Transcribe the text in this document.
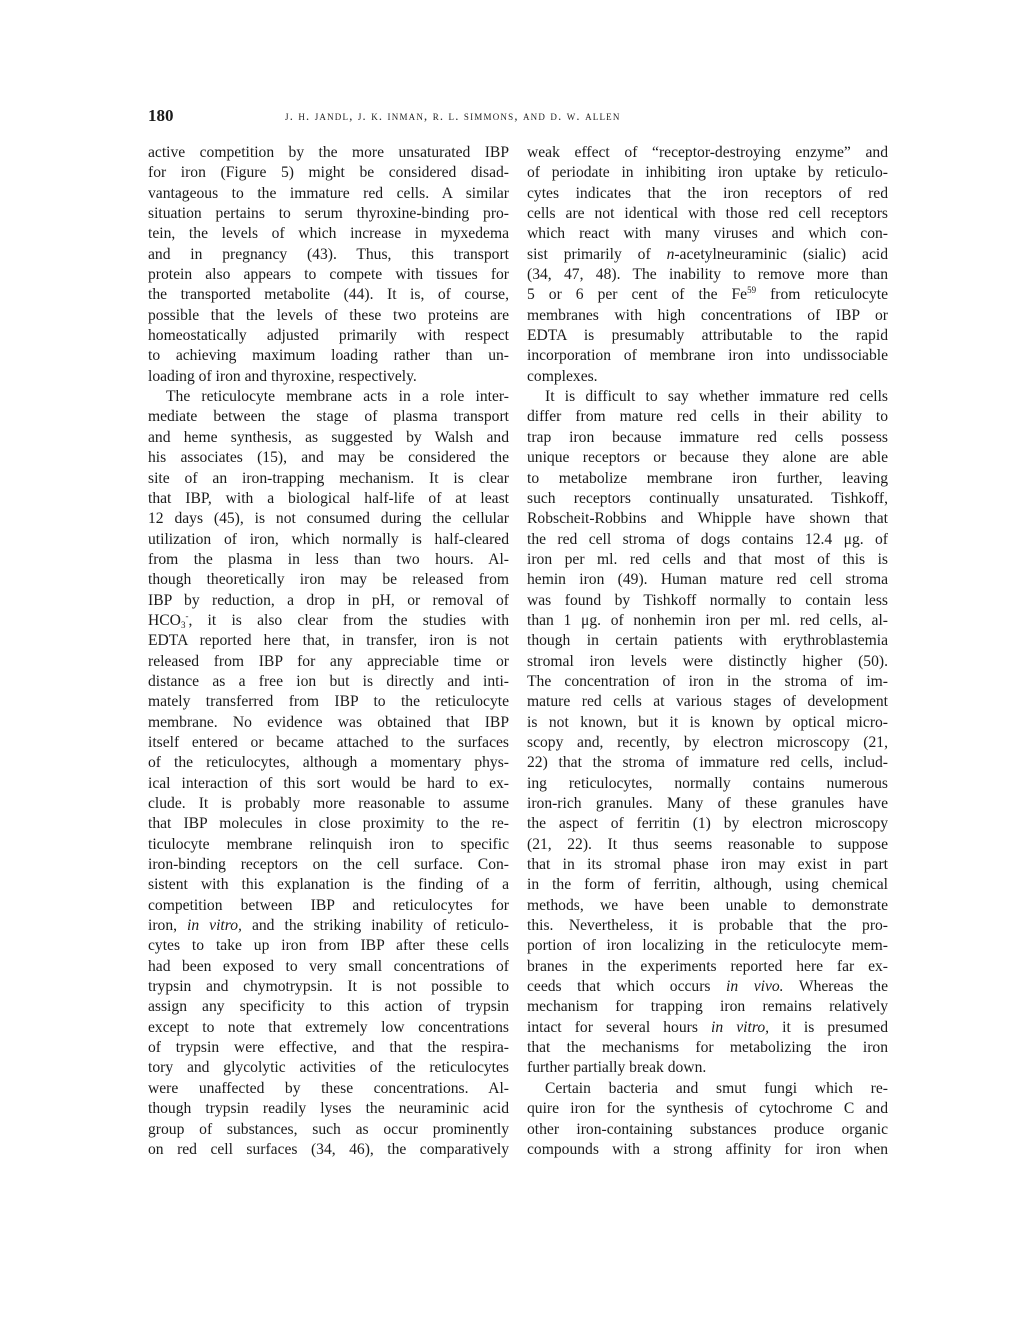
180	j. h. jandl, j. k. inman, r. l. simmons, and d. w. allen
active competition by the more unsaturated IBP
for iron (Figure 5) might be considered disad-
vantageous to the immature red cells. A similar
situation pertains to serum thyroxine-binding pro-
tein, the levels of which increase in myxedema
and in pregnancy (43). Thus, this transport
protein also appears to compete with tissues for
the transported metabolite (44). It is, of course,
possible that the levels of these two proteins are
homeostatically adjusted primarily with respect
to achieving maximum loading rather than un-
loading of iron and thyroxine, respectively.
The reticulocyte membrane acts in a role inter-
mediate between the stage of plasma transport
and heme synthesis, as suggested by Walsh and
his associates (15), and may be considered the
site of an iron-trapping mechanism. It is clear
that IBP, with a biological half-life of at least
12 days (45), is not consumed during the cellular
utilization of iron, which normally is half-cleared
from the plasma in less than two hours. Al-
though theoretically iron may be released from
IBP by reduction, a drop in pH, or removal of
$HCO_3^-$, it is also clear from the studies with
EDTA reported here that, in transfer, iron is not
released from IBP for any appreciable time or
distance as a free ion but is directly and inti-
mately transferred from IBP to the reticulocyte
membrane. No evidence was obtained that IBP
itself entered or became attached to the surfaces
of the reticulocytes, although a momentary phys-
ical interaction of this sort would be hard to ex-
clude. It is probably more reasonable to assume
that IBP molecules in close proximity to the re-
ticulocyte membrane relinquish iron to specific
iron-binding receptors on the cell surface. Con-
sistent with this explanation is the finding of a
competition between IBP and reticulocytes for
iron, in vitro, and the striking inability of reticulo-
cytes to take up iron from IBP after these cells
had been exposed to very small concentrations of
trypsin and chymotrypsin. It is not possible to
assign any specificity to this action of trypsin
except to note that extremely low concentrations
of trypsin were effective, and that the respira-
tory and glycolytic activities of the reticulocytes
were unaffected by these concentrations. Al-
though trypsin readily lyses the neuraminic acid
group of substances, such as occur prominently
on red cell surfaces (34, 46), the comparatively
weak effect of “receptor-destroying enzyme” and
of periodate in inhibiting iron uptake by reticulo-
cytes indicates that the iron receptors of red
cells are not identical with those red cell receptors
which react with many viruses and which con-
sist primarily of n-acetylneuraminic (sialic) acid
(34, 47, 48). The inability to remove more than
5 or 6 per cent of the Fe$^{59}$ from reticulocyte
membranes with high concentrations of IBP or
EDTA is presumably attributable to the rapid
incorporation of membrane iron into undissociable
complexes.
It is difficult to say whether immature red cells
differ from mature red cells in their ability to
trap iron because immature red cells possess
unique receptors or because they alone are able
to metabolize membrane iron further, leaving
such receptors continually unsaturated. Tishkoff,
Robscheit-Robbins and Whipple have shown that
the red cell stroma of dogs contains 12.4 μg. of
iron per ml. red cells and that most of this is
hemin iron (49). Human mature red cell stroma
was found by Tishkoff normally to contain less
than 1 μg. of nonhemin iron per ml. red cells, al-
though in certain patients with erythroblastemia
stromal iron levels were distinctly higher (50).
The concentration of iron in the stroma of im-
mature red cells at various stages of development
is not known, but it is known by optical micro-
scopy and, recently, by electron microscopy (21,
22) that the stroma of immature red cells, includ-
ing reticulocytes, normally contains numerous
iron-rich granules. Many of these granules have
the aspect of ferritin (1) by electron microscopy
(21, 22). It thus seems reasonable to suppose
that in its stromal phase iron may exist in part
in the form of ferritin, although, using chemical
methods, we have been unable to demonstrate
this. Nevertheless, it is probable that the pro-
portion of iron localizing in the reticulocyte mem-
branes in the experiments reported here far ex-
ceeds that which occurs in vivo. Whereas the
mechanism for trapping iron remains relatively
intact for several hours in vitro, it is presumed
that the mechanisms for metabolizing the iron
further partially break down.
Certain bacteria and smut fungi which re-
quire iron for the synthesis of cytochrome C and
other iron-containing substances produce organic
compounds with a strong affinity for iron when
